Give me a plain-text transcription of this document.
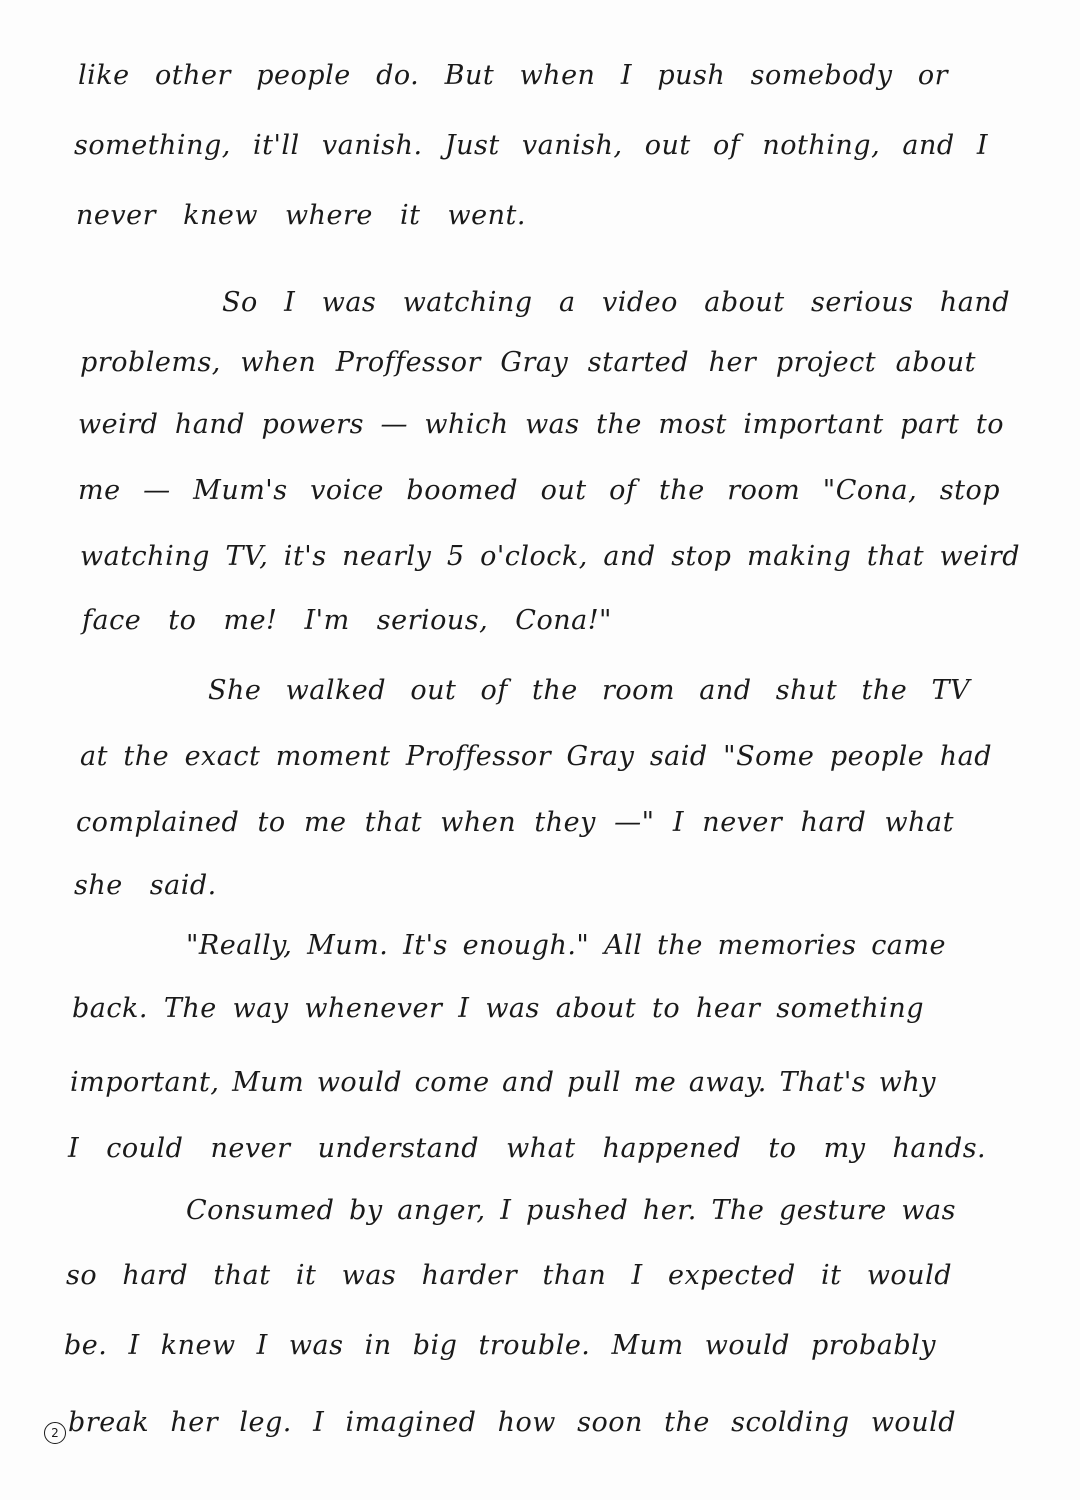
like other people do. But when I push somebody or
something, it'll vanish. Just vanish, out of nothing, and I
never knew where it went.
So I was watching a video about serious hand
problems, when Proffessor Gray started her project about
weird hand powers — which was the most important part to
me — Mum's voice boomed out of the room "Cona, stop
watching TV, it's nearly 5 o'clock, and stop making that weird
face to me! I'm serious, Cona!"
She walked out of the room and shut the TV
at the exact moment Proffessor Gray said "Some people had
complained to me that when they —" I never hard what
she said.
"Really, Mum. It's enough." All the memories came
back. The way whenever I was about to hear something
important, Mum would come and pull me away. That's why
I could never understand what happened to my hands.
Consumed by anger, I pushed her. The gesture was
so hard that it was harder than I expected it would
be. I knew I was in big trouble. Mum would probably
break her leg. I imagined how soon the scolding would
2
